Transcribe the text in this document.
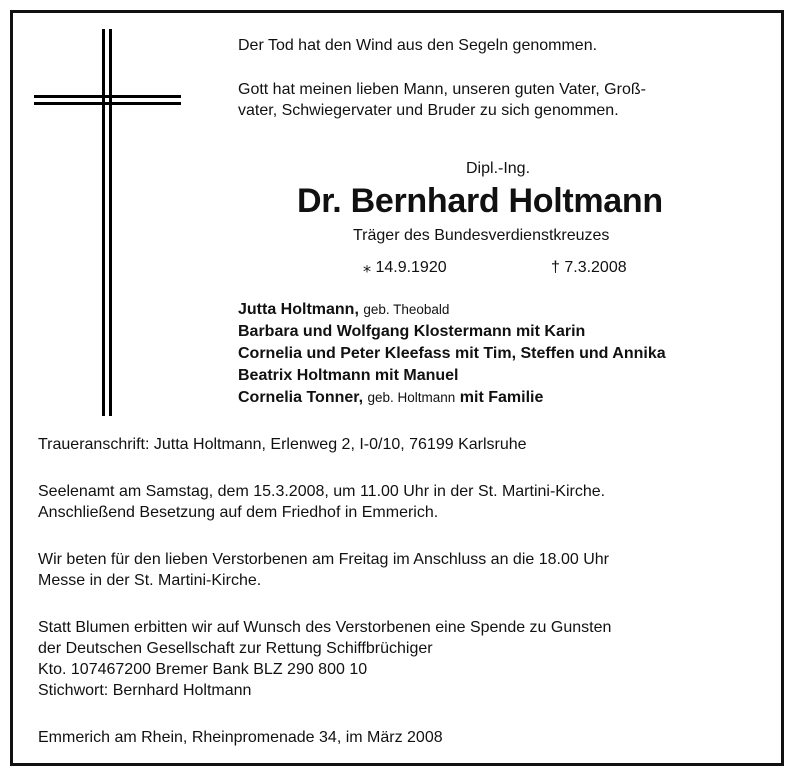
Der Tod hat den Wind aus den Segeln genommen.
Gott hat meinen lieben Mann, unseren guten Vater, Groß-
vater, Schwiegervater und Bruder zu sich genommen.
Dipl.-Ing.
Dr. Bernhard Holtmann
Träger des Bundesverdienstkreuzes
⁎ 14.9.1920	† 7.3.2008
Jutta Holtmann, geb. Theobald
Barbara und Wolfgang Klostermann mit Karin
Cornelia und Peter Kleefass mit Tim, Steffen und Annika
Beatrix Holtmann mit Manuel
Cornelia Tonner, geb. Holtmann mit Familie
Traueranschrift: Jutta Holtmann, Erlenweg 2, I-0/10, 76199 Karlsruhe
Seelenamt am Samstag, dem 15.3.2008, um 11.00 Uhr in der St. Martini-Kirche.
Anschließend Besetzung auf dem Friedhof in Emmerich.
Wir beten für den lieben Verstorbenen am Freitag im Anschluss an die 18.00 Uhr
Messe in der St. Martini-Kirche.
Statt Blumen erbitten wir auf Wunsch des Verstorbenen eine Spende zu Gunsten
der Deutschen Gesellschaft zur Rettung Schiffbrüchiger
Kto. 107467200 Bremer Bank BLZ 290 800 10
Stichwort: Bernhard Holtmann
Emmerich am Rhein, Rheinpromenade 34, im März 2008
